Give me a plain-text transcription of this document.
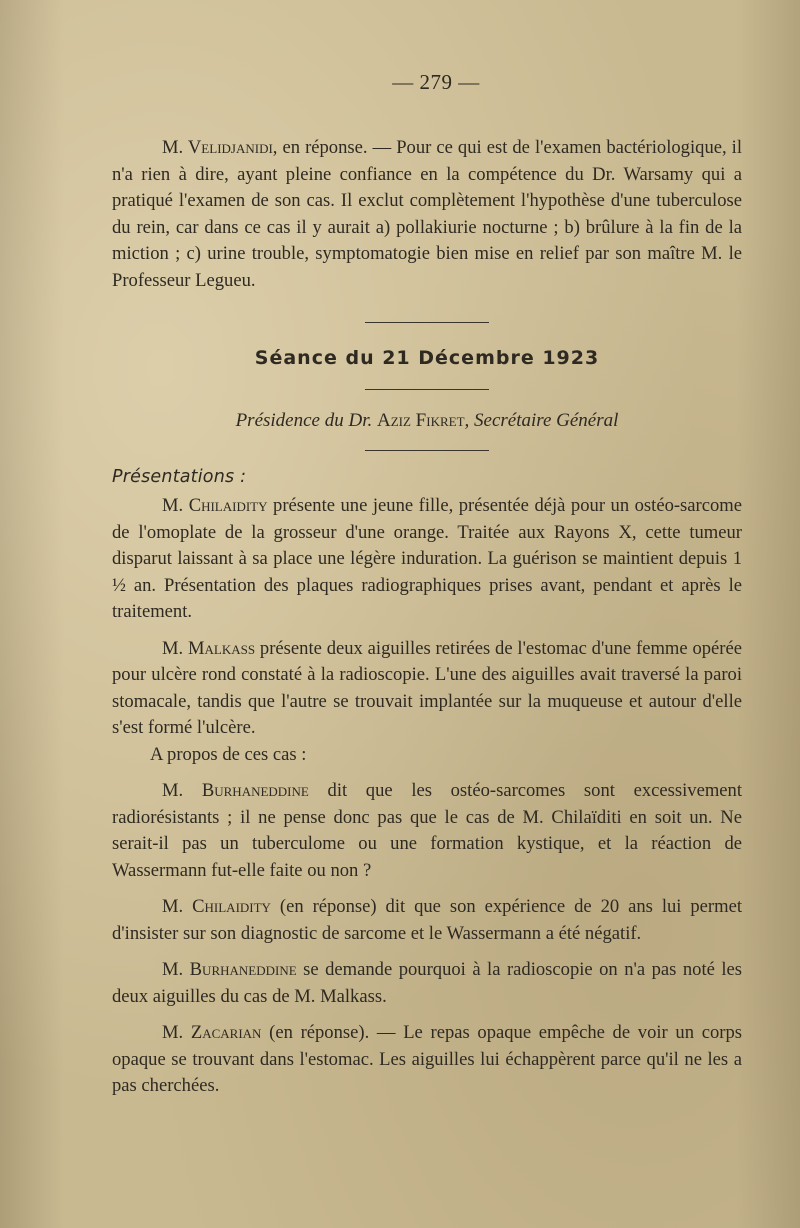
— 279 —

M. Velidjanidi, en réponse. — Pour ce qui est de l'examen bactériologique, il n'a rien à dire, ayant pleine confiance en la compétence du Dr. Warsamy qui a pratiqué l'examen de son cas. Il exclut complètement l'hypothèse d'une tuberculose du rein, car dans ce cas il y aurait a) pollakiurie nocturne ; b) brûlure à la fin de la miction ; c) urine trouble, symptomatogie bien mise en relief par son maître M. le Professeur Legueu.

Séance du 21 Décembre 1923
Présidence du Dr. Aziz Fikret, Secrétaire Général
Présentations :

M. Chilaidity présente une jeune fille, présentée déjà pour un ostéo-sarcome de l'omoplate de la grosseur d'une orange. Traitée aux Rayons X, cette tumeur disparut laissant à sa place une légère induration. La guérison se maintient depuis 1 ½ an. Présentation des plaques radiographiques prises avant, pendant et après le traitement.

M. Malkass présente deux aiguilles retirées de l'estomac d'une femme opérée pour ulcère rond constaté à la radioscopie. L'une des aiguilles avait traversé la paroi stomacale, tandis que l'autre se trouvait implantée sur la muqueuse et autour d'elle s'est formé l'ulcère.

A propos de ces cas :

M. Burhaneddine dit que les ostéo-sarcomes sont excessivement radiorésistants ; il ne pense donc pas que le cas de M. Chilaïditi en soit un. Ne serait-il pas un tuberculome ou une formation kystique, et la réaction de Wassermann fut-elle faite ou non ?

M. Chilaidity (en réponse) dit que son expérience de 20 ans lui permet d'insister sur son diagnostic de sarcome et le Wassermann a été négatif.

M. Burhaneddine se demande pourquoi à la radioscopie on n'a pas noté les deux aiguilles du cas de M. Malkass.

M. Zacarian (en réponse). — Le repas opaque empêche de voir un corps opaque se trouvant dans l'estomac. Les aiguilles lui échappèrent parce qu'il ne les a pas cherchées.
